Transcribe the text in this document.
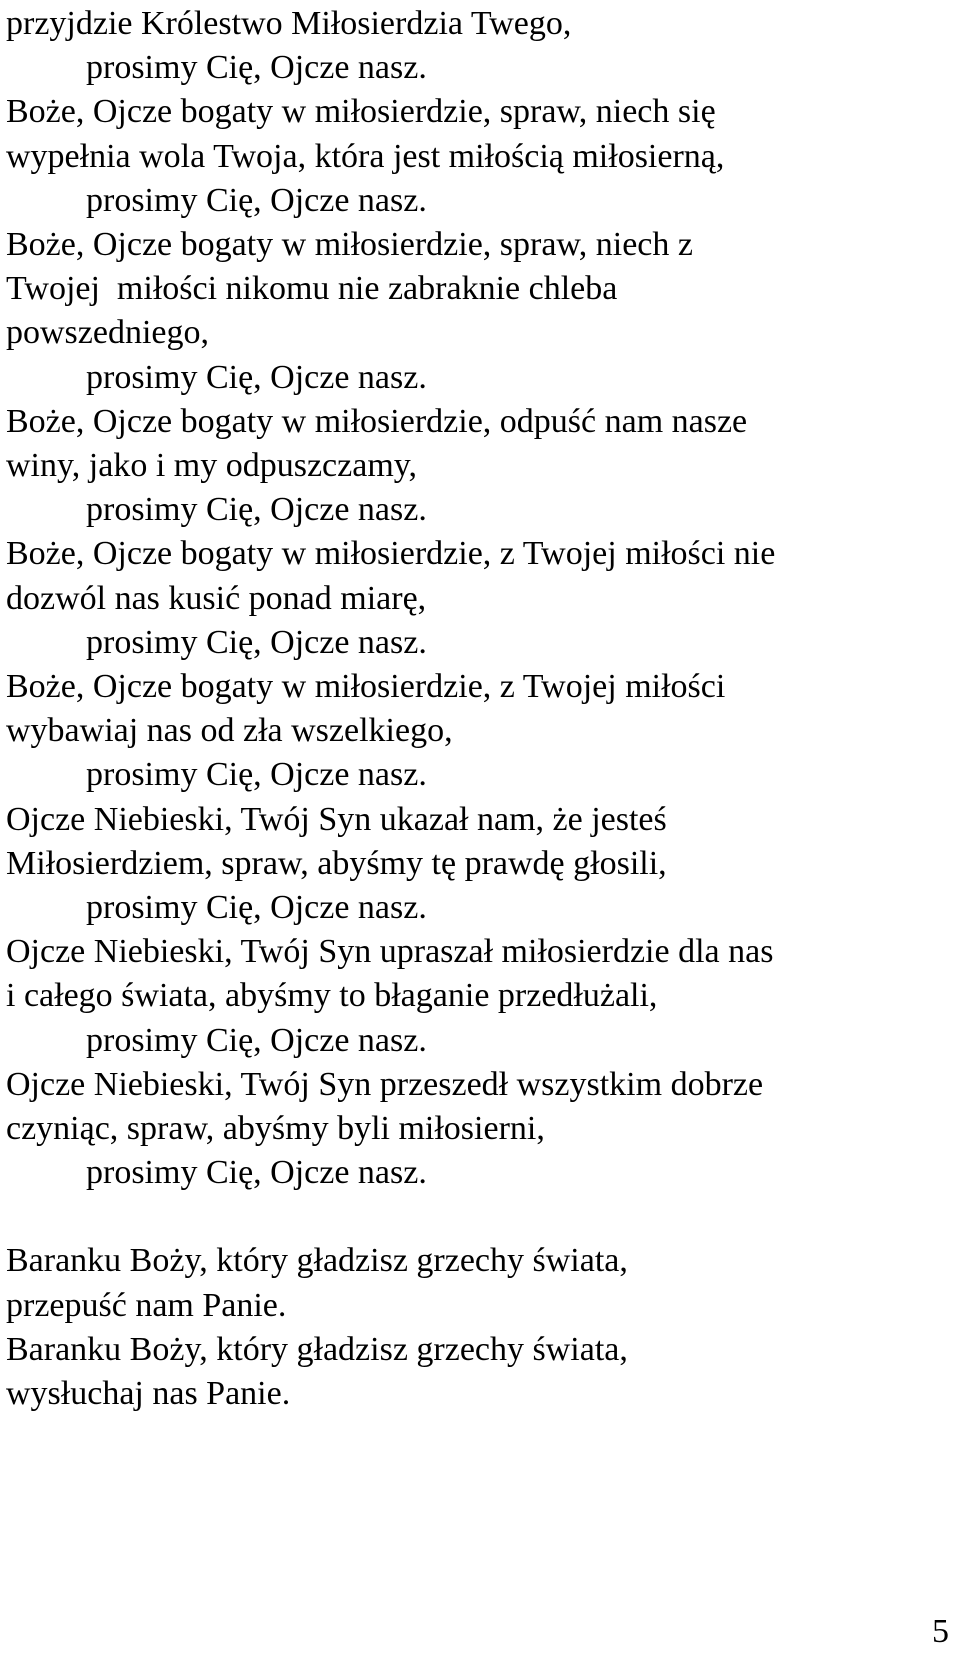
przyjdzie Królestwo Miłosierdzia Twego,
prosimy Cię, Ojcze nasz.
Boże, Ojcze bogaty w miłosierdzie, spraw, niech się
wypełnia wola Twoja, która jest miłością miłosierną,
prosimy Cię, Ojcze nasz.
Boże, Ojcze bogaty w miłosierdzie, spraw, niech z
Twojej  miłości nikomu nie zabraknie chleba
powszedniego,
prosimy Cię, Ojcze nasz.
Boże, Ojcze bogaty w miłosierdzie, odpuść nam nasze
winy, jako i my odpuszczamy,
prosimy Cię, Ojcze nasz.
Boże, Ojcze bogaty w miłosierdzie, z Twojej miłości nie
dozwól nas kusić ponad miarę,
prosimy Cię, Ojcze nasz.
Boże, Ojcze bogaty w miłosierdzie, z Twojej miłości
wybawiaj nas od zła wszelkiego,
prosimy Cię, Ojcze nasz.
Ojcze Niebieski, Twój Syn ukazał nam, że jesteś
Miłosierdziem, spraw, abyśmy tę prawdę głosili,
prosimy Cię, Ojcze nasz.
Ojcze Niebieski, Twój Syn upraszał miłosierdzie dla nas
i całego świata, abyśmy to błaganie przedłużali,
prosimy Cię, Ojcze nasz.
Ojcze Niebieski, Twój Syn przeszedł wszystkim dobrze
czyniąc, spraw, abyśmy byli miłosierni,
prosimy Cię, Ojcze nasz.
Baranku Boży, który gładzisz grzechy świata,
przepuść nam Panie.
Baranku Boży, który gładzisz grzechy świata,
wysłuchaj nas Panie.
5
